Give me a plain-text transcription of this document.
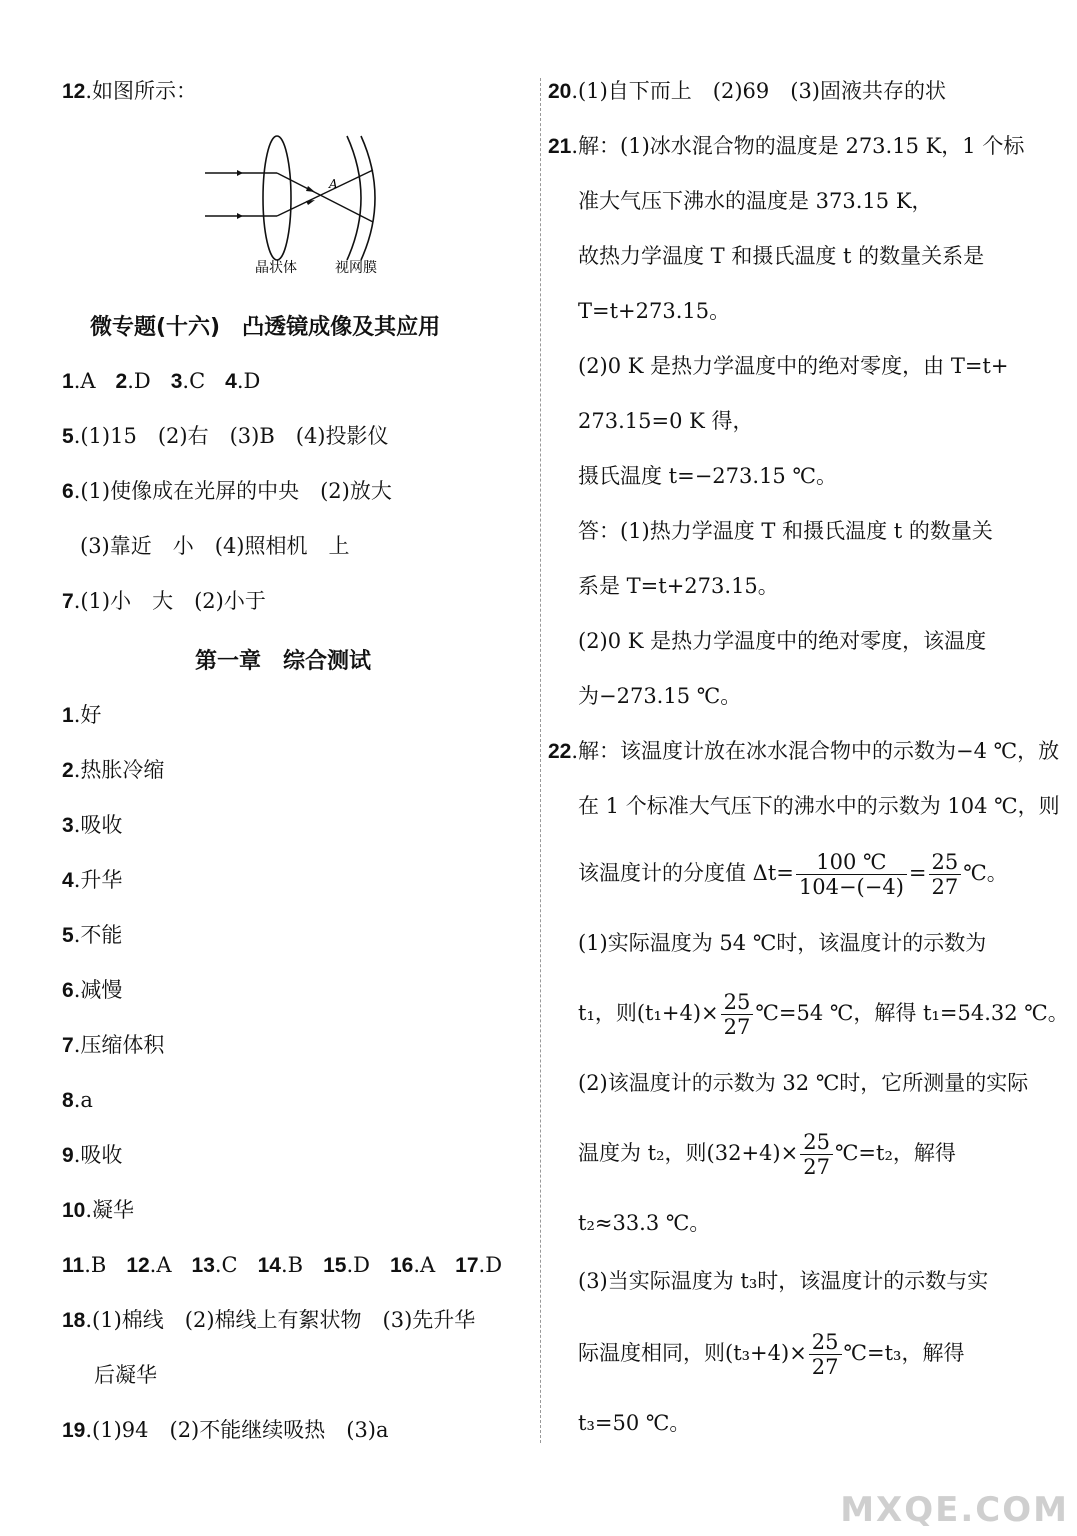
12.如图所示：
A
晶状体	视网膜
微专题(十六)　凸透镜成像及其应用
1.A 2.D 3.C 4.D
5.(1)15　(2)右　(3)B　(4)投影仪
6.(1)使像成在光屏的中央　(2)放大
(3)靠近　小　(4)照相机　上
7.(1)小　大　(2)小于
第一章　综合测试
1.好
2.热胀冷缩
3.吸收
4.升华
5.不能
6.减慢
7.压缩体积
8.a
9.吸收
10.凝华
11.B 12.A 13.C 14.B 15.D 16.A 17.D
18.(1)棉线　(2)棉线上有絮状物　(3)先升华
后凝华
19.(1)94　(2)不能继续吸热　(3)a
20.(1)自下而上　(2)69　(3)固液共存的状
21.解：(1)冰水混合物的温度是 273.15 K，1 个标
准大气压下沸水的温度是 373.15 K，
故热力学温度 T 和摄氏温度 t 的数量关系是
T=t+273.15。
(2)0 K 是热力学温度中的绝对零度，由 T=t+
273.15=0 K 得，
摄氏温度 t=−273.15 ℃。
答：(1)热力学温度 T 和摄氏温度 t 的数量关
系是 T=t+273.15。
(2)0 K 是热力学温度中的绝对零度，该温度
为−273.15 ℃。
22.解：该温度计放在冰水混合物中的示数为−4 ℃，放
在 1 个标准大气压下的沸水中的示数为 104 ℃，则
该温度计的分度值 $\Delta t= \frac{100 ℃}{104-(-4)} = \frac{25}{27}$ ℃。
(1)实际温度为 54 ℃时，该温度计的示数为
t₁，则$(t_1+4)\times \frac{25}{27}$ ℃=54 ℃，解得 t₁=54.32 ℃。
(2)该温度计的示数为 32 ℃时，它所测量的实际
温度为 t₂，则$(32+4)\times \frac{25}{27}$ ℃=t₂，解得
t₂≈33.3 ℃。
(3)当实际温度为 t₃时，该温度计的示数与实
际温度相同，则$(t_3+4)\times \frac{25}{27}$ ℃=t₃，解得
t₃=50 ℃。
MXQE.COM
